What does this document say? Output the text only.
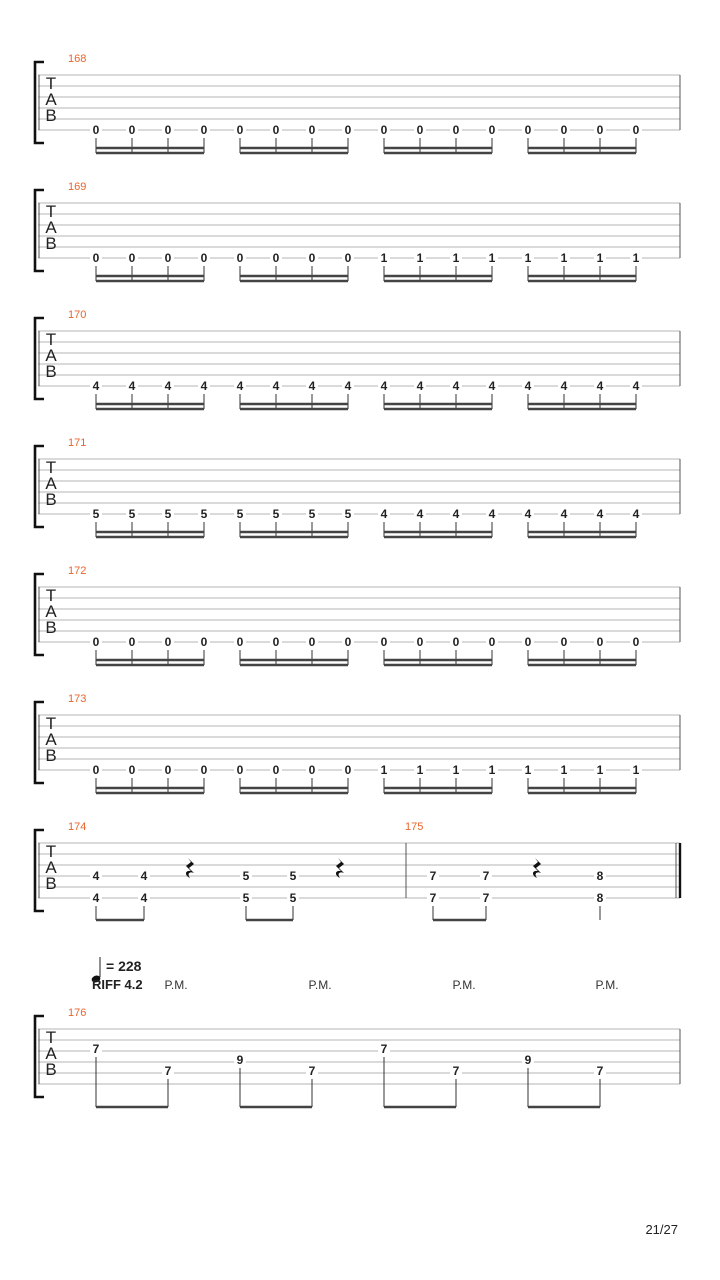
T
A
B
168
0 0 0 0 0 0 0 0 0 0 0 0 0 0 0 0
T
A
B
169
0 0 0 0 0 0 0 0 1 1 1 1 1 1 1 1
T
A
B
170
4 4 4 4 4 4 4 4 4 4 4 4 4 4 4 4
T
A
B
171
5 5 5 5 5 5 5 5 4 4 4 4 4 4 4 4
T
A
B
172
0 0 0 0 0 0 0 0 0 0 0 0 0 0 0 0
T
A
B
173
0 0 0 0 0 0 0 0 1 1 1 1 1 1 1 1
T
A
B
174	175
4
4
4
4
5
5
5
5
7
7
7
7
8
8
= 228
RIFF 4.2 P.M.	P.M.	P.M.	P.M.
T
A
B
176
7
7
9
7
7
7
9
7
21/27
